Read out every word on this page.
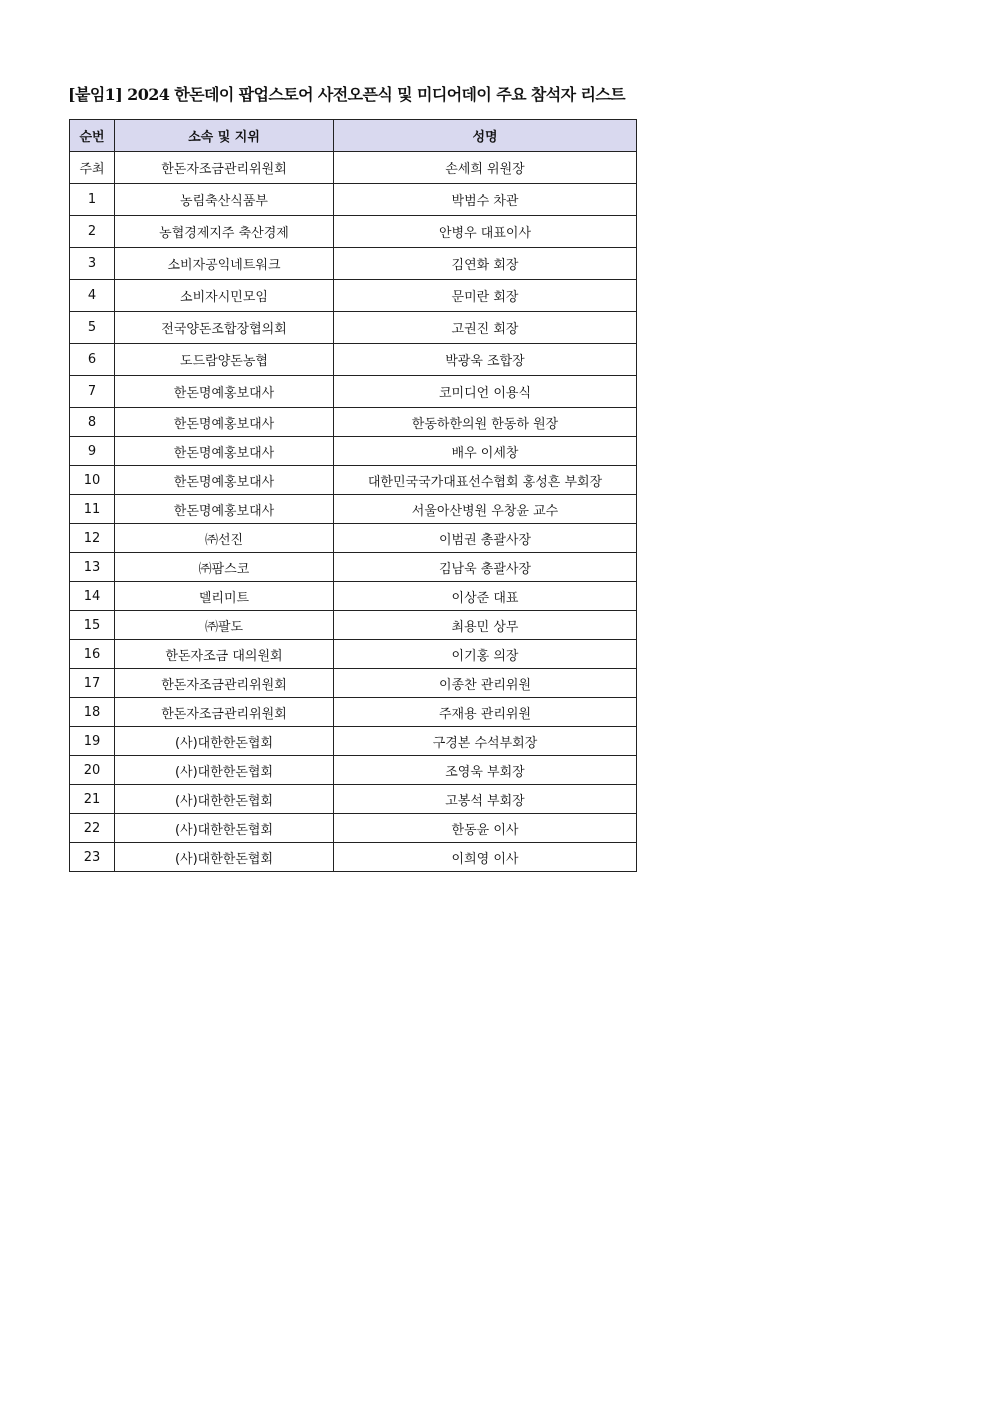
[붙임1] 2024 한돈데이 팝업스토어 사전오픈식 및 미디어데이 주요 참석자 리스트
순번	소속 및 지위	성명
주최	한돈자조금관리위원회	손세희 위원장
1	농림축산식품부	박범수 차관
2	농협경제지주 축산경제	안병우 대표이사
3	소비자공익네트워크	김연화 회장
4	소비자시민모임	문미란 회장
5	전국양돈조합장협의회	고권진 회장
6	도드람양돈농협	박광욱 조합장
7	한돈명예홍보대사	코미디언 이용식
8	한돈명예홍보대사	한동하한의원 한동하 원장
9	한돈명예홍보대사	배우 이세창
10	한돈명예홍보대사	대한민국국가대표선수협회 홍성흔 부회장
11	한돈명예홍보대사	서울아산병원 우창윤 교수
12	㈜선진	이범권 총괄사장
13	㈜팜스코	김남욱 총괄사장
14	델리미트	이상준 대표
15	㈜팔도	최용민 상무
16	한돈자조금 대의원회	이기홍 의장
17	한돈자조금관리위원회	이종찬 관리위원
18	한돈자조금관리위원회	주재용 관리위원
19	(사)대한한돈협회	구경본 수석부회장
20	(사)대한한돈협회	조영욱 부회장
21	(사)대한한돈협회	고봉석 부회장
22	(사)대한한돈협회	한동윤 이사
23	(사)대한한돈협회	이희영 이사
